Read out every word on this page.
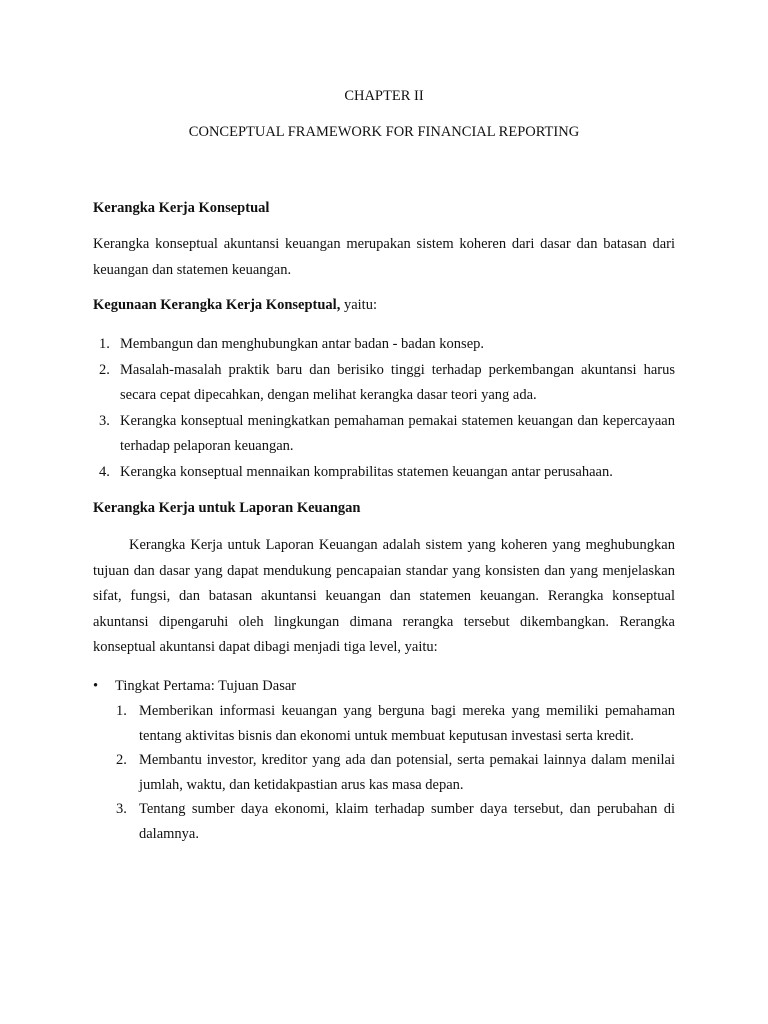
CHAPTER II
CONCEPTUAL FRAMEWORK FOR FINANCIAL REPORTING
Kerangka Kerja Konseptual
Kerangka konseptual akuntansi keuangan merupakan sistem koheren dari dasar dan batasan dari keuangan dan statemen keuangan.
Kegunaan Kerangka Kerja Konseptual, yaitu:
1. Membangun dan menghubungkan antar badan - badan konsep.
2. Masalah-masalah praktik baru dan berisiko tinggi terhadap perkembangan akuntansi harus secara cepat dipecahkan, dengan melihat kerangka dasar teori yang ada.
3. Kerangka konseptual meningkatkan pemahaman pemakai statemen keuangan dan kepercayaan terhadap pelaporan keuangan.
4. Kerangka konseptual mennaikan komprabilitas statemen keuangan antar perusahaan.
Kerangka Kerja untuk Laporan Keuangan
Kerangka Kerja untuk Laporan Keuangan adalah sistem yang koheren yang meghubungkan tujuan dan dasar yang dapat mendukung pencapaian standar yang konsisten dan yang menjelaskan sifat, fungsi, dan batasan akuntansi keuangan dan statemen keuangan. Rerangka konseptual akuntansi dipengaruhi oleh lingkungan dimana rerangka tersebut dikembangkan. Rerangka konseptual akuntansi dapat dibagi menjadi tiga level, yaitu:
•	Tingkat Pertama: Tujuan Dasar
1. Memberikan informasi keuangan yang berguna bagi mereka yang memiliki pemahaman tentang aktivitas bisnis dan ekonomi untuk membuat keputusan investasi serta kredit.
2. Membantu investor, kreditor yang ada dan potensial, serta pemakai lainnya dalam menilai jumlah, waktu, dan ketidakpastian arus kas masa depan.
3. Tentang sumber daya ekonomi, klaim terhadap sumber daya tersebut, dan perubahan di dalamnya.
